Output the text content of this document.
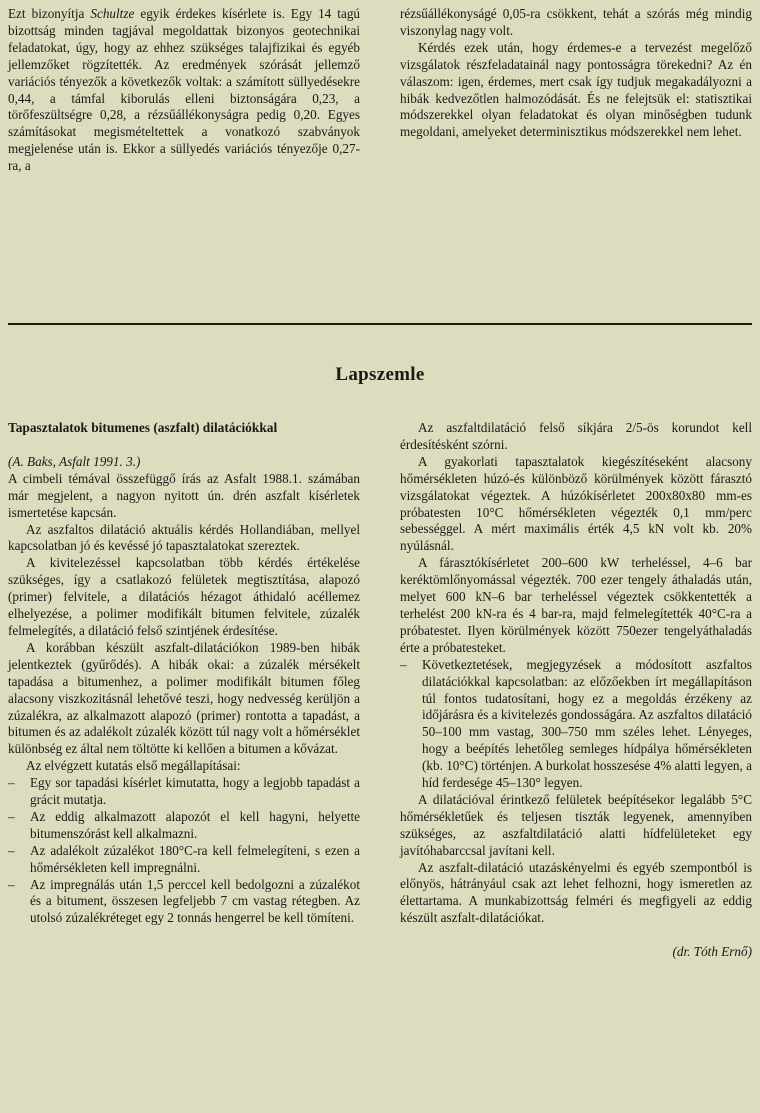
Ezt bizonyítja Schultze egyik érdekes kísérlete is. Egy 14 tagú bizottság minden tagjával megoldattak bizonyos geotechnikai feladatokat, úgy, hogy az ehhez szükséges talajfizikai és egyéb jellemzőket rögzítették. Az eredmények szórását jellemző variációs tényezők a következők voltak: a számított süllyedésekre 0,44, a támfal kiborulás elleni biztonságára 0,23, a törőfeszültségre 0,28, a rézsűállékonyságra pedig 0,20. Egyes számításokat megismételtettek a vonatkozó szabványok megjelenése után is. Ekkor a süllyedés variációs tényezője 0,27-ra, a

rézsűállékonyságé 0,05-ra csökkent, tehát a szórás még mindig viszonylag nagy volt.

Kérdés ezek után, hogy érdemes-e a tervezést megelőző vizsgálatok részfeladatainál nagy pontosságra törekedni? Az én válaszom: igen, érdemes, mert csak így tudjuk megakadályozni a hibák kedvezőtlen halmozódását. És ne felejtsük el: statisztikai módszerekkel olyan feladatokat és olyan minőségben tudunk megoldani, amelyeket determinisztikus módszerekkel nem lehet.

Lapszemle

Tapasztalatok bitumenes (aszfalt) dilatációkkal

(A. Baks, Asfalt 1991. 3.)

A cimbeli témával összefüggő írás az Asfalt 1988.1. számában már megjelent, a nagyon nyitott ún. drén aszfalt kísérletek ismertetése kapcsán.

Az aszfaltos dilatáció aktuális kérdés Hollandiában, mellyel kapcsolatban jó és kevéssé jó tapasztalatokat szereztek.

A kivitelezéssel kapcsolatban több kérdés értékelése szükséges, így a csatlakozó felületek megtisztítása, alapozó (primer) felvitele, a dilatációs hézagot áthidaló acéllemez elhelyezése, a polimer modifikált bitumen felvitele, zúzalék felmelegítés, a dilatáció felső szintjének érdesítése.

A korábban készült aszfalt-dilatációkon 1989-ben hibák jelentkeztek (gyűrődés). A hibák okai: a zúzalék mérsékelt tapadása a bitumenhez, a polimer modifikált bitumen főleg alacsony viszkozitásnál lehetővé teszi, hogy nedvesség kerüljön a zúzalékra, az alkalmazott alapozó (primer) rontotta a tapadást, a bitumen és az adalékolt zúzalék között túl nagy volt a hőmérséklet különbség ez által nem töltötte ki kellően a bitumen a kővázat.

Az elvégzett kutatás első megállapításai:

–	Egy sor tapadási kísérlet kimutatta, hogy a legjobb tapadást a grácit mutatja.
–	Az eddig alkalmazott alapozót el kell hagyni, helyette bitumenszórást kell alkalmazni.
–	Az adalékolt zúzalékot 180°C-ra kell felmelegíteni, s ezen a hőmérsékleten kell impregnálni.
–	Az impregnálás után 1,5 perccel kell bedolgozni a zúzalékot és a bitument, összesen legfeljebb 7 cm vastag rétegben. Az utolsó zúzalékréteget egy 2 tonnás hengerrel be kell tömíteni.

Az aszfaltdilatáció felső síkjára 2/5-ös korundot kell érdesítésként szórni.

A gyakorlati tapasztalatok kiegészítéseként alacsony hőmérsékleten húzó-és különböző körülmények között fárasztó vizsgálatokat végeztek. A húzókísérletet 200x80x80 mm-es próbatesten 10°C hőmérsékleten végezték 0,1 mm/perc sebességgel. A mért maximális érték 4,5 kN volt kb. 20% nyúlásnál.

A fárasztókísérletet 200–600 kW terheléssel, 4–6 bar keréktömlőnyomással végezték. 700 ezer tengely áthaladás után, melyet 600 kN–6 bar terheléssel végeztek csökkentették a terhelést 200 kN-ra és 4 bar-ra, majd felmelegítették 40°C-ra a próbatestet. Ilyen körülmények között 750ezer tengelyáthaladás érte a próbatesteket.

–	Következtetések, megjegyzések a módosított aszfaltos dilatációkkal kapcsolatban: az előzőekben írt megállapításon túl fontos tudatosítani, hogy ez a megoldás érzékeny az időjárásra és a kivitelezés gondosságára. Az aszfaltos dilatáció 50–100 mm vastag, 300–750 mm széles lehet. Lényeges, hogy a beépítés lehetőleg semleges hídpálya hőmérsékleten (kb. 10°C) történjen. A burkolat hosszesése 4% alatti legyen, a híd ferdesége 45–130° legyen.

A dilatációval érintkező felületek beépítésekor legalább 5°C hőmérsékletűek és teljesen tiszták legyenek, amennyiben szükséges, az aszfaltdilatáció alatti hídfelületeket egy javítóhabarccsal javítani kell.

Az aszfalt-dilatáció utazáskényelmi és egyéb szempontból is előnyös, hátrányául csak azt lehet felhozni, hogy ismeretlen az élettartama. A munkabizottság felméri és megfigyeli az eddig készült aszfalt-dilatációkat.

(dr. Tóth Ernő)
